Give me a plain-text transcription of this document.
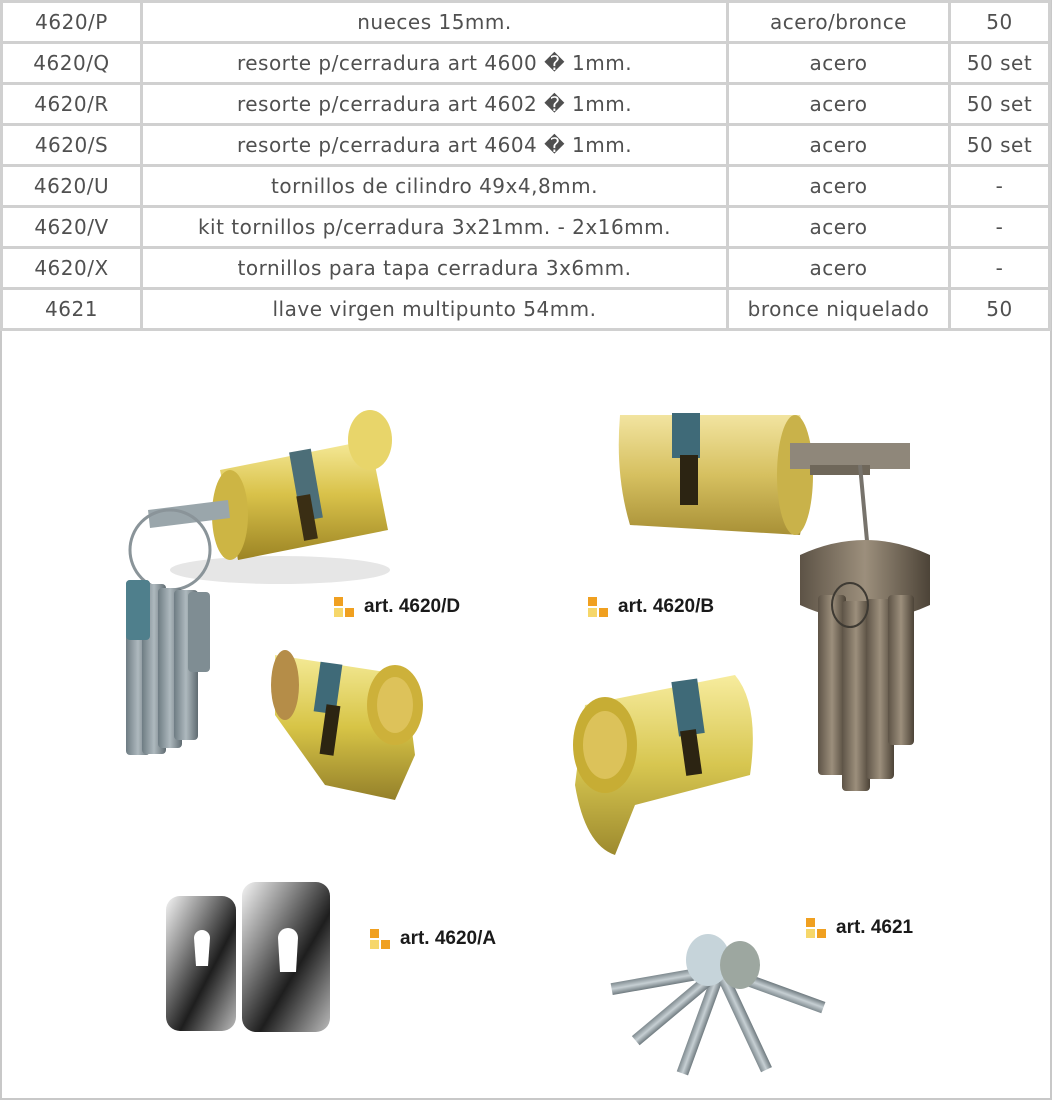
4620/P	nueces 15mm.	acero/bronce	50
4620/Q	resorte p/cerradura art 4600 � 1mm.	acero	50 set
4620/R	resorte p/cerradura art 4602 � 1mm.	acero	50 set
4620/S	resorte p/cerradura art 4604 � 1mm.	acero	50 set
4620/U	tornillos de cilindro 49x4,8mm.	acero	-
4620/V	kit tornillos p/cerradura 3x21mm. - 2x16mm.	acero	-
4620/X	tornillos para tapa cerradura 3x6mm.	acero	-
4621	llave virgen multipunto 54mm.	bronce niquelado	50
art. 4620/D	art. 4620/B
art. 4620/A
art. 4621
